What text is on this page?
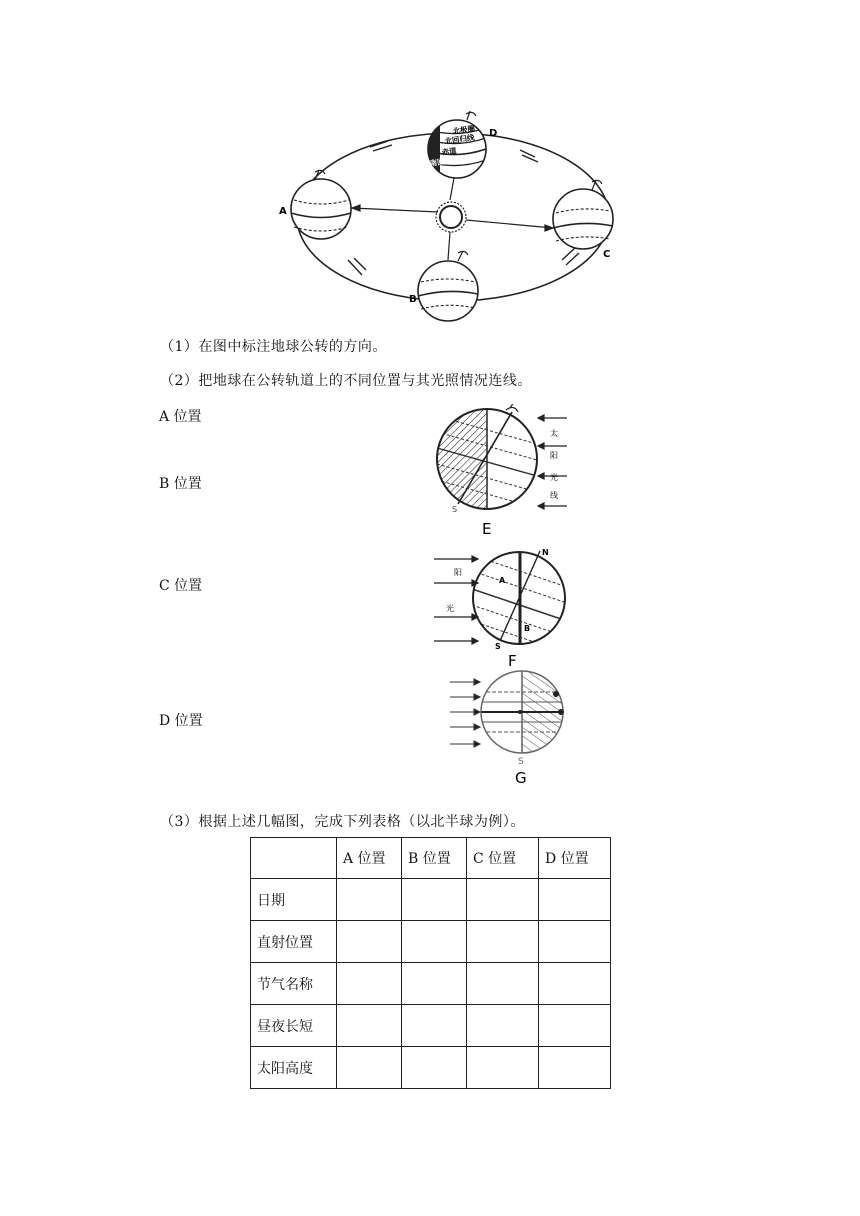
北极圈
北回归线
赤道
南回归线
A
B
C
D
（1）在图中标注地球公转的方向。
（2）把地球在公转轨道上的不同位置与其光照情况连线。
A 位置
B 位置
C 位置
D 位置
太
阳
光
线
S
E
阳
光
N
S
A
B
F
S
G
（3）根据上述几幅图，完成下列表格（以北半球为例）。
	A 位置	B 位置	C 位置	D 位置
日期				
直射位置				
节气名称				
昼夜长短				
太阳高度				
